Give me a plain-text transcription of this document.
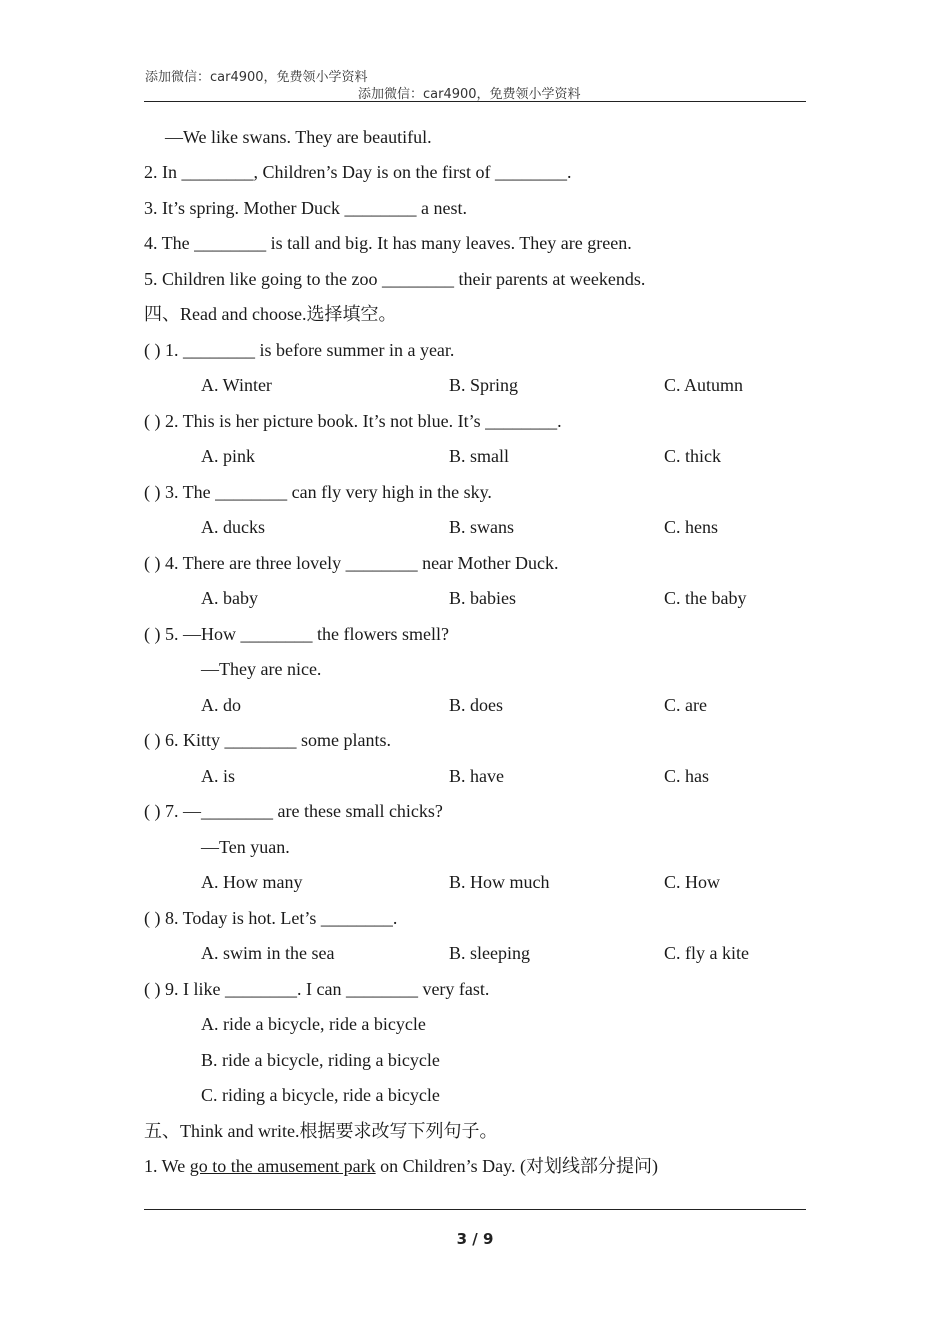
添加微信：car4900，免费领小学资料
添加微信：car4900，免费领小学资料
—We like swans. They are beautiful.
2. In ________, Children’s Day is on the first of ________.
3. It’s spring. Mother Duck ________ a nest.
4. The ________ is tall and big. It has many leaves. They are green.
5. Children like going to the zoo ________ their parents at weekends.
四、Read and choose.选择填空。
( ) 1. ________ is before summer in a year.
A. Winter	B. Spring	C. Autumn
( ) 2. This is her picture book. It’s not blue. It’s ________.
A. pink	B. small	C. thick
( ) 3. The ________ can fly very high in the sky.
A. ducks	B. swans	C. hens
( ) 4. There are three lovely ________ near Mother Duck.
A. baby	B. babies	C. the baby
( ) 5. —How ________ the flowers smell?
—They are nice.
A. do	B. does	C. are
( ) 6. Kitty ________ some plants.
A. is	B. have	C. has
( ) 7. —________ are these small chicks?
—Ten yuan.
A. How many	B. How much	C. How
( ) 8. Today is hot. Let’s ________.
A. swim in the sea	B. sleeping	C. fly a kite
( ) 9. I like ________. I can ________ very fast.
A. ride a bicycle, ride a bicycle
B. ride a bicycle, riding a bicycle
C. riding a bicycle, ride a bicycle
五、Think and write.根据要求改写下列句子。
1. We go to the amusement park on Children’s Day. (对划线部分提问)
3 / 9
